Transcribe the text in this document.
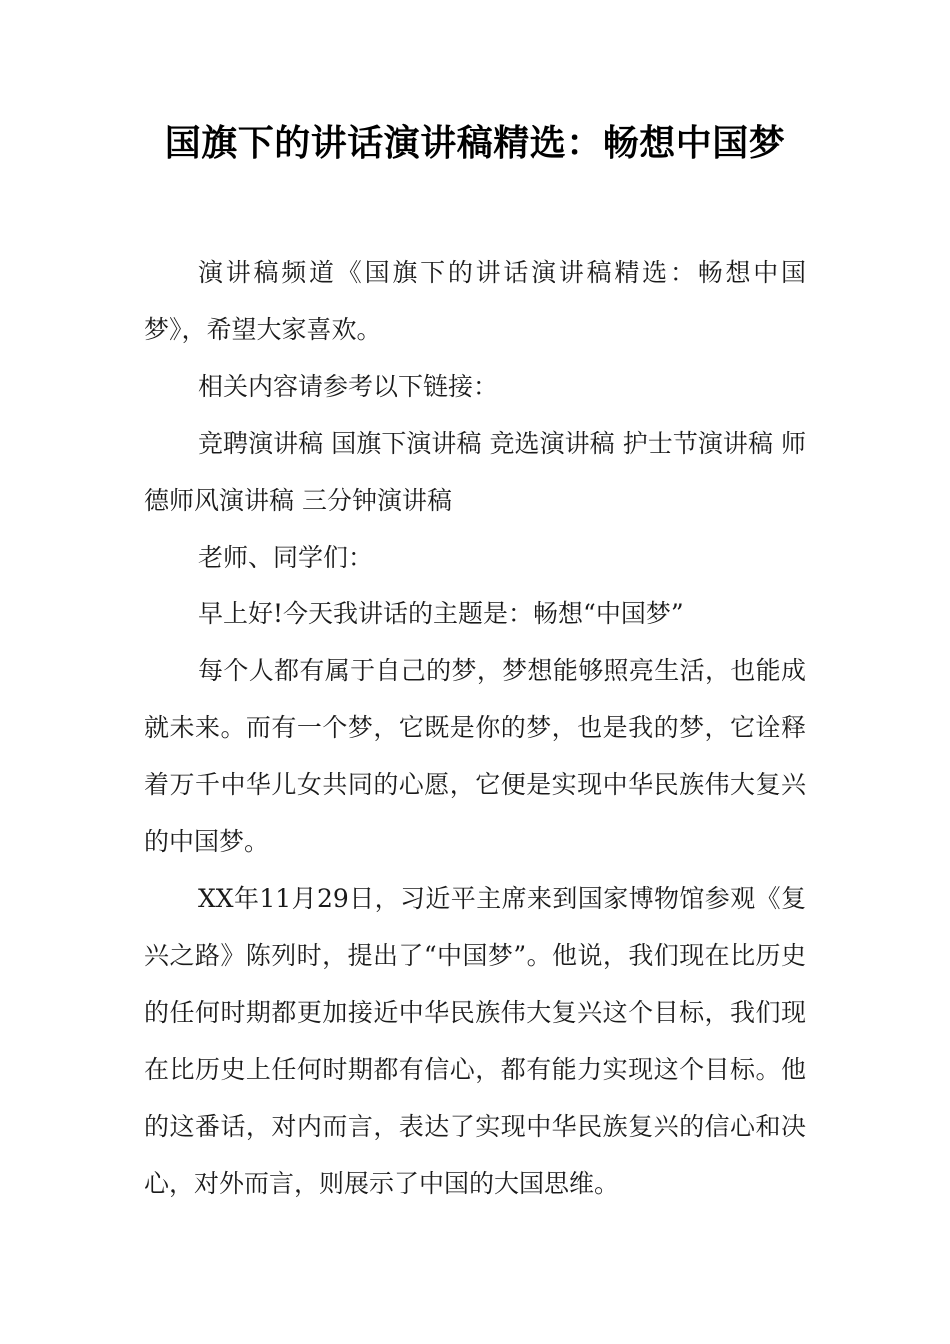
国旗下的讲话演讲稿精选：畅想中国梦

演讲稿频道《国旗下的讲话演讲稿精选：畅想中国梦》，希望大家喜欢。

相关内容请参考以下链接：

竞聘演讲稿 国旗下演讲稿 竞选演讲稿 护士节演讲稿 师德师风演讲稿 三分钟演讲稿

老师、同学们：

早上好!今天我讲话的主题是：畅想“中国梦”

每个人都有属于自己的梦，梦想能够照亮生活，也能成就未来。而有一个梦，它既是你的梦，也是我的梦，它诠释着万千中华儿女共同的心愿，它便是实现中华民族伟大复兴的中国梦。

XX年11月29日，习近平主席来到国家博物馆参观《复兴之路》陈列时，提出了“中国梦”。他说，我们现在比历史的任何时期都更加接近中华民族伟大复兴这个目标，我们现在比历史上任何时期都有信心，都有能力实现这个目标。他的这番话，对内而言，表达了实现中华民族复兴的信心和决心，对外而言，则展示了中国的大国思维。
